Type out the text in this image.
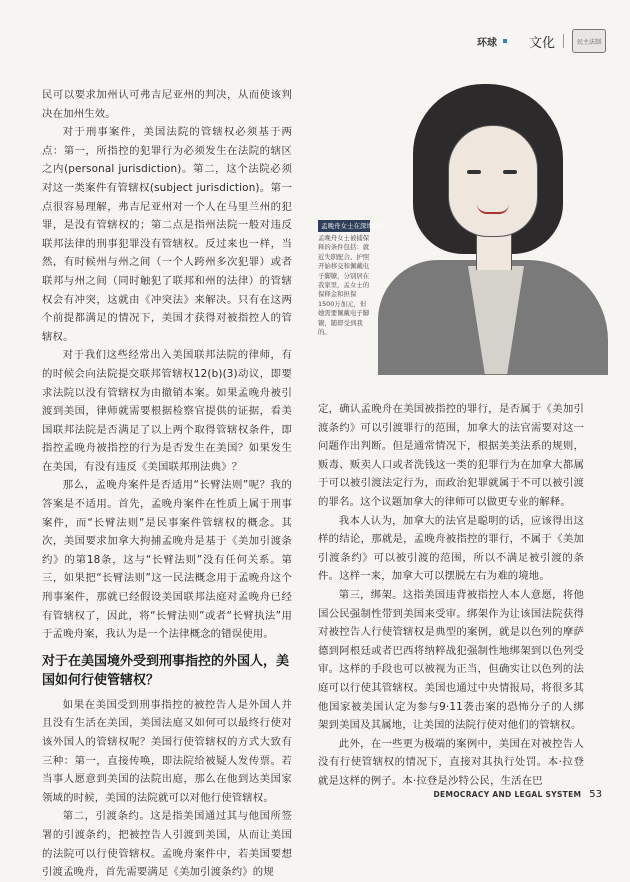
环球 文化	民主法制

民可以要求加州认可弗吉尼亚州的判决，从而使该判决在加州生效。

对于刑事案件，美国法院的管辖权必须基于两点：第一，所指控的犯罪行为必须发生在法院的辖区之内(personal jurisdiction)。第二，这个法院必须对这一类案件有管辖权(subject jurisdiction)。第一点很容易理解，弗吉尼亚州对一个人在马里兰州的犯罪，是没有管辖权的；第二点是指州法院一般对违反联邦法律的刑事犯罪没有管辖权。反过来也一样，当然，有时候州与州之间（一个人跨州多次犯罪）或者联邦与州之间（同时触犯了联邦和州的法律）的管辖权会有冲突，这就由《冲突法》来解决。只有在这两个前提都满足的情况下，美国才获得对被指控人的管辖权。

对于我们这些经常出入美国联邦法院的律师，有的时候会向法院提交联邦管辖权12(b)(3)动议，即要求法院以没有管辖权为由撤销本案。如果孟晚舟被引渡到美国，律师就需要根据检察官提供的证据，看美国联邦法院是否满足了以上两个取得管辖权条件，即指控孟晚舟被指控的行为是否发生在美国？如果发生在美国，有没有违反《美国联邦刑法典》？

那么，孟晚舟案件是否适用“长臂法则”呢？我的答案是不适用。首先，孟晚舟案件在性质上属于刑事案件，而“长臂法则”是民事案件管辖权的概念。其次，美国要求加拿大拘捕孟晚舟是基于《美加引渡条约》的第18条，这与“长臂法则”没有任何关系。第三，如果把“长臂法则”这一民法概念用于孟晚舟这个刑事案件，那就已经假设美国联邦法庭对孟晚舟已经有管辖权了，因此，将“长臂法则”或者“长臂执法”用于孟晚舟案，我认为是一个法律概念的错误使用。

对于在美国境外受到刑事指控的外国人，美国如何行使管辖权？

如果在美国受到刑事指控的被控告人是外国人并且没有生活在美国，美国法庭又如何可以最终行使对该外国人的管辖权呢？美国行使管辖权的方式大致有三种：第一，直接传唤，即法院给被疑人发传票。若当事人愿意到美国的法院出庭，那么在他到达美国家领域的时候，美国的法院就可以对他行使管辖权。

第二，引渡条约。这是指美国通过其与他国所签署的引渡条约，把被控告人引渡到美国，从而让美国的法院可以行使管辖权。孟晚舟案件中，若美国要想引渡孟晚舟，首先需要满足《美加引渡条约》的规

孟晚舟女士在深圳家中
孟晚舟女士被捕保释的条件包括：就近失职配合、护照开始移交和佩戴电子脚镣，分别居在我家里，孟女士的保释金和担保1500万加元，但她需要佩戴电子脚镣，随即受到我的。

定，确认孟晚舟在美国被指控的罪行，是否属于《美加引渡条约》可以引渡罪行的范围，加拿大的法官需要对这一问题作出判断。但是通常情况下，根据美美法系的规则，贩毒、贩卖人口或者洗钱这一类的犯罪行为在加拿大都属于可以被引渡法定行为，而政治犯罪就属于不可以被引渡的罪名。这个议题加拿大的律师可以做更专业的解释。

我本人认为，加拿大的法官是聪明的话，应该得出这样的结论，那就是，孟晚舟被指控的罪行，不属于《美加引渡条约》可以被引渡的范围，所以不满足被引渡的条件。这样一来，加拿大可以摆脱左右为难的境地。

第三，绑架。这指美国违背被指控人本人意愿，将他国公民强制性带到美国来受审。绑架作为让该国法院获得对被控告人行使管辖权是典型的案例，就是以色列的摩萨德到阿根廷或者巴西将纳粹战犯强制性地绑架到以色列受审。这样的手段也可以被视为正当，但确实让以色列的法庭可以行使其管辖权。美国也通过中央情报局，将很多其他国家被美国认定为参与9·11袭击案的恐怖分子的人绑架到美国及其属地，让美国的法院行使对他们的管辖权。

此外，在一些更为极端的案例中，美国在对被控告人没有行使管辖权的情况下，直接对其执行处罚。本·拉登就是这样的例子。本·拉登是沙特公民，生活在巴

DEMOCRACY AND LEGAL SYSTEM 53
